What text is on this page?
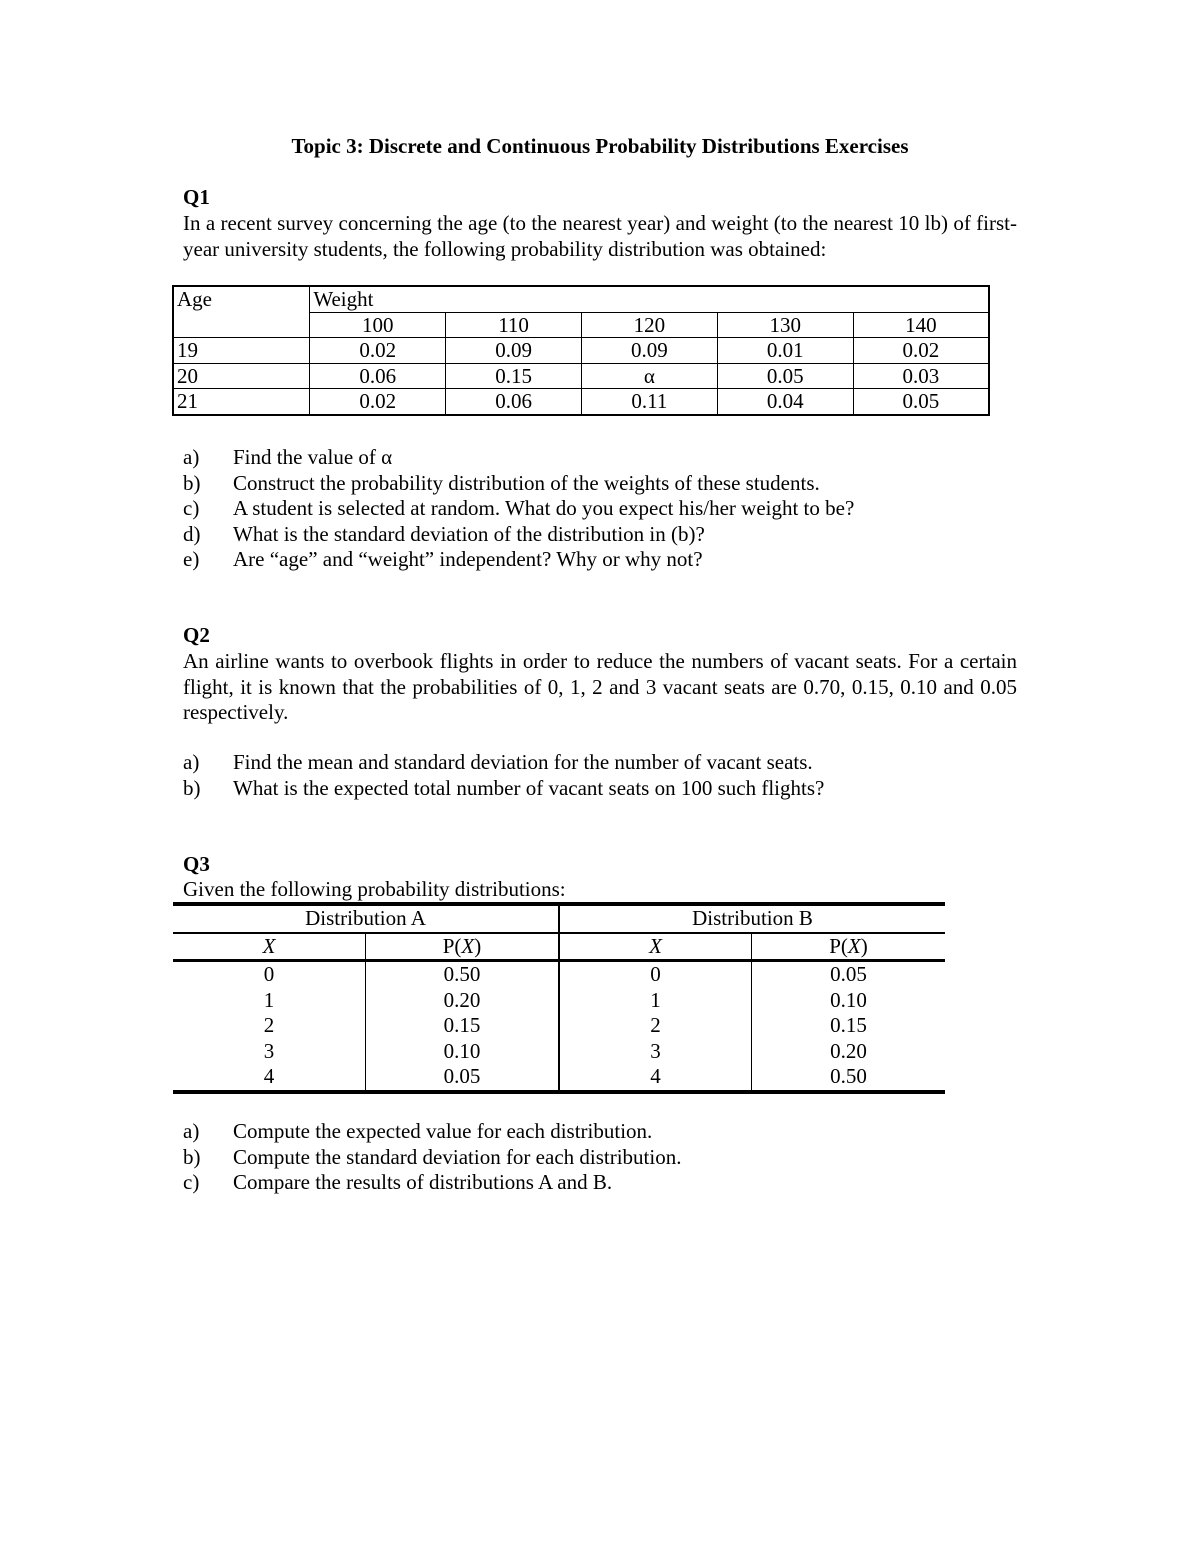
Topic 3: Discrete and Continuous Probability Distributions Exercises
Q1
In a recent survey concerning the age (to the nearest year) and weight (to the nearest 10 lb) of first-year university students, the following probability distribution was obtained:
Age	Weight				
	100	110	120	130	140
19	0.02	0.09	0.09	0.01	0.02
20	0.06	0.15	α	0.05	0.03
21	0.02	0.06	0.11	0.04	0.05
a)	Find the value of α
b)	Construct the probability distribution of the weights of these students.
c)	A student is selected at random. What do you expect his/her weight to be?
d)	What is the standard deviation of the distribution in (b)?
e)	Are “age” and “weight” independent? Why or why not?
Q2
An airline wants to overbook flights in order to reduce the numbers of vacant seats. For a certain flight, it is known that the probabilities of 0, 1, 2 and 3 vacant seats are 0.70, 0.15, 0.10 and 0.05 respectively.
a)	Find the mean and standard deviation for the number of vacant seats.
b)	What is the expected total number of vacant seats on 100 such flights?
Q3
Given the following probability distributions:
Distribution A		Distribution B	
X	P(X)	X	P(X)
0	0.50	0	0.05
1	0.20	1	0.10
2	0.15	2	0.15
3	0.10	3	0.20
4	0.05	4	0.50
a)	Compute the expected value for each distribution.
b)	Compute the standard deviation for each distribution.
c)	Compare the results of distributions A and B.
